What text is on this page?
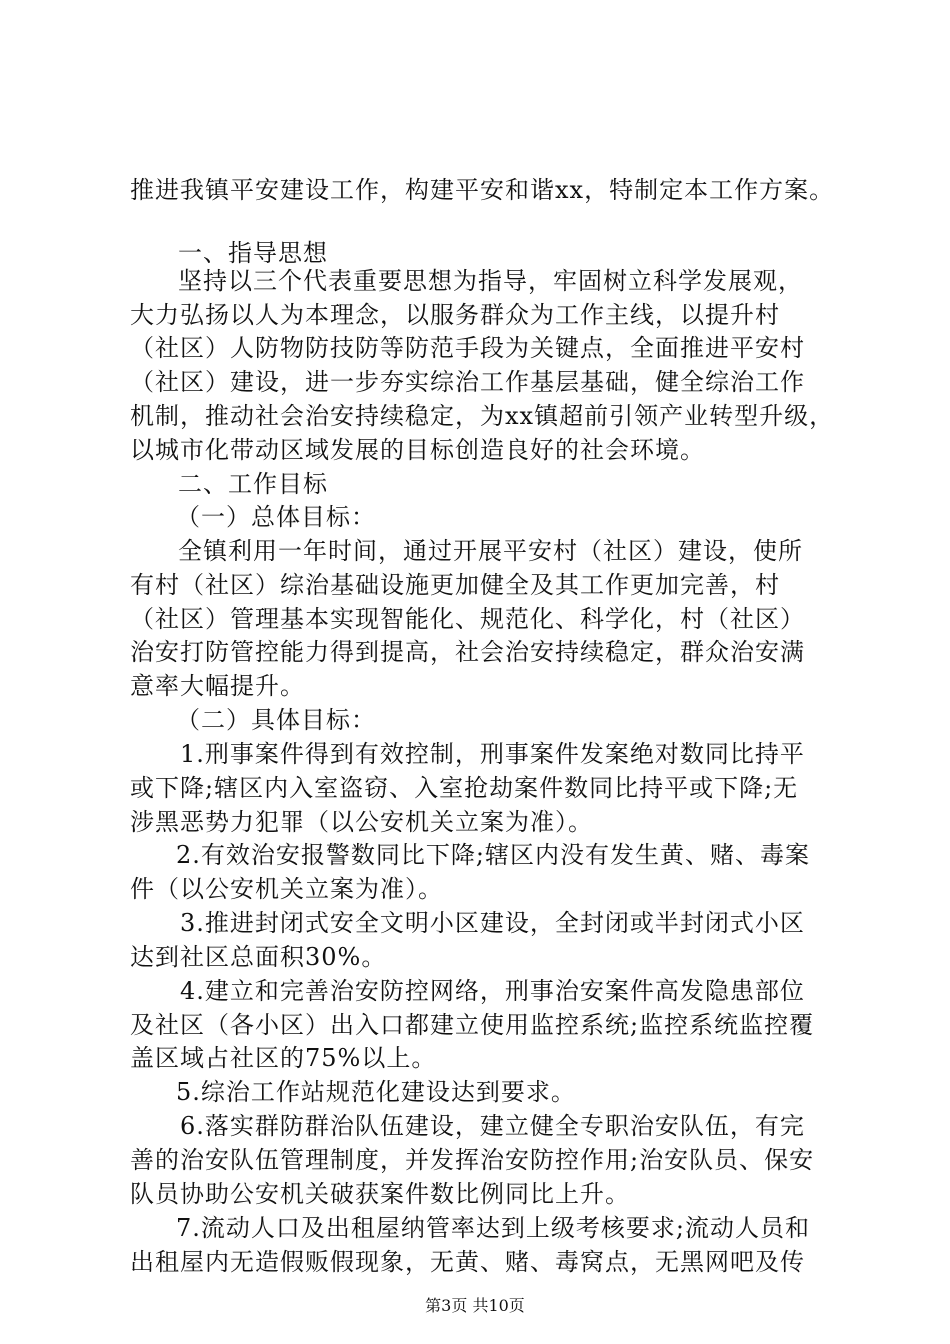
推进我镇平安建设工作，构建平安和谐xx，特制定本工作方案。
一、指导思想
坚持以三个代表重要思想为指导，牢固树立科学发展观，
大力弘扬以人为本理念，以服务群众为工作主线，以提升村
（社区）人防物防技防等防范手段为关键点，全面推进平安村
（社区）建设，进一步夯实综治工作基层基础，健全综治工作
机制，推动社会治安持续稳定，为xx镇超前引领产业转型升级，
以城市化带动区域发展的目标创造良好的社会环境。
二、工作目标
（一）总体目标：
全镇利用一年时间，通过开展平安村（社区）建设，使所
有村（社区）综治基础设施更加健全及其工作更加完善，村
（社区）管理基本实现智能化、规范化、科学化，村（社区）
治安打防管控能力得到提高，社会治安持续稳定，群众治安满
意率大幅提升。
（二）具体目标：
1.刑事案件得到有效控制，刑事案件发案绝对数同比持平
或下降;辖区内入室盗窃、入室抢劫案件数同比持平或下降;无
涉黑恶势力犯罪（以公安机关立案为准）。
2.有效治安报警数同比下降;辖区内没有发生黄、赌、毒案
件（以公安机关立案为准）。
3.推进封闭式安全文明小区建设，全封闭或半封闭式小区
达到社区总面积30%。
4.建立和完善治安防控网络，刑事治安案件高发隐患部位
及社区（各小区）出入口都建立使用监控系统;监控系统监控覆
盖区域占社区的75%以上。
5.综治工作站规范化建设达到要求。
6.落实群防群治队伍建设，建立健全专职治安队伍，有完
善的治安队伍管理制度，并发挥治安防控作用;治安队员、保安
队员协助公安机关破获案件数比例同比上升。
7.流动人口及出租屋纳管率达到上级考核要求;流动人员和
出租屋内无造假贩假现象，无黄、赌、毒窝点，无黑网吧及传
第3页 共10页
